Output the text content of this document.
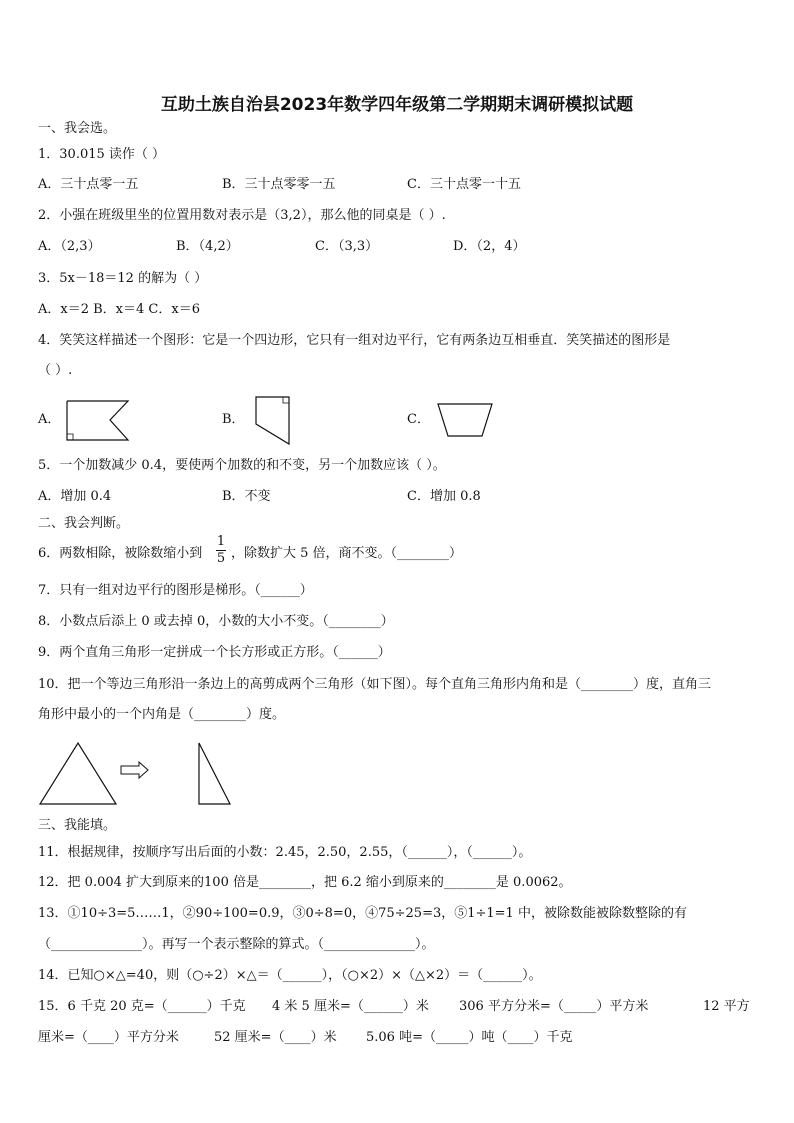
互助土族自治县2023年数学四年级第二学期期末调研模拟试题
一、我会选。
1．30.015 读作（ ）
A．三十点零一五	B．三十点零零一五	C．三十点零一十五
2．小强在班级里坐的位置用数对表示是（3,2），那么他的同桌是（ ）.
A．（2,3）	B．（4,2）	C．（3,3）	D．（2，4）
3．5x－18＝12 的解为（ ）
A．x＝2 B．x＝4 C．x＝6
4．笑笑这样描述一个图形：它是一个四边形，它只有一组对边平行，它有两条边互相垂直．笑笑描述的图形是
（ ）.
A．	B．	C．
5．一个加数减少 0.4，要使两个加数的和不变，另一个加数应该（ ）。
A．增加 0.4	B．不变	C．增加 0.8
二、我会判断。
6．两数相除，被除数缩小到
1
5 ，除数扩大 5 倍，商不变。（________）
7．只有一组对边平行的图形是梯形。（______）
8．小数点后添上 0 或去掉 0，小数的大小不变。（________）
9．两个直角三角形一定拼成一个长方形或正方形。（______）
10．把一个等边三角形沿一条边上的高剪成两个三角形（如下图）。每个直角三角形内角和是（________）度，直角三
角形中最小的一个内角是（________）度。
三、我能填。
11．根据规律，按顺序写出后面的小数：2.45，2.50，2.55，（______），（______）。
12．把 0.004 扩大到原来的100 倍是________，把 6.2 缩小到原来的________是 0.0062。
13．①10÷3=5……1，②90÷100=0.9，③0÷8=0，④75÷25=3，⑤1÷1=1 中，被除数能被除数整除的有
（______________）。再写一个表示整除的算式。（______________）。
14．已知○×△=40，则（○÷2）×△＝（______），（○×2）×（△×2）＝（______）。
15．6 千克 20 克=（______）千克 4 米 5 厘米=（______）米 306 平方分米=（_____）平方米	12 平方
厘米=（____）平方分米	52 厘米=（____）米 5.06 吨=（_____）吨（____）千克
